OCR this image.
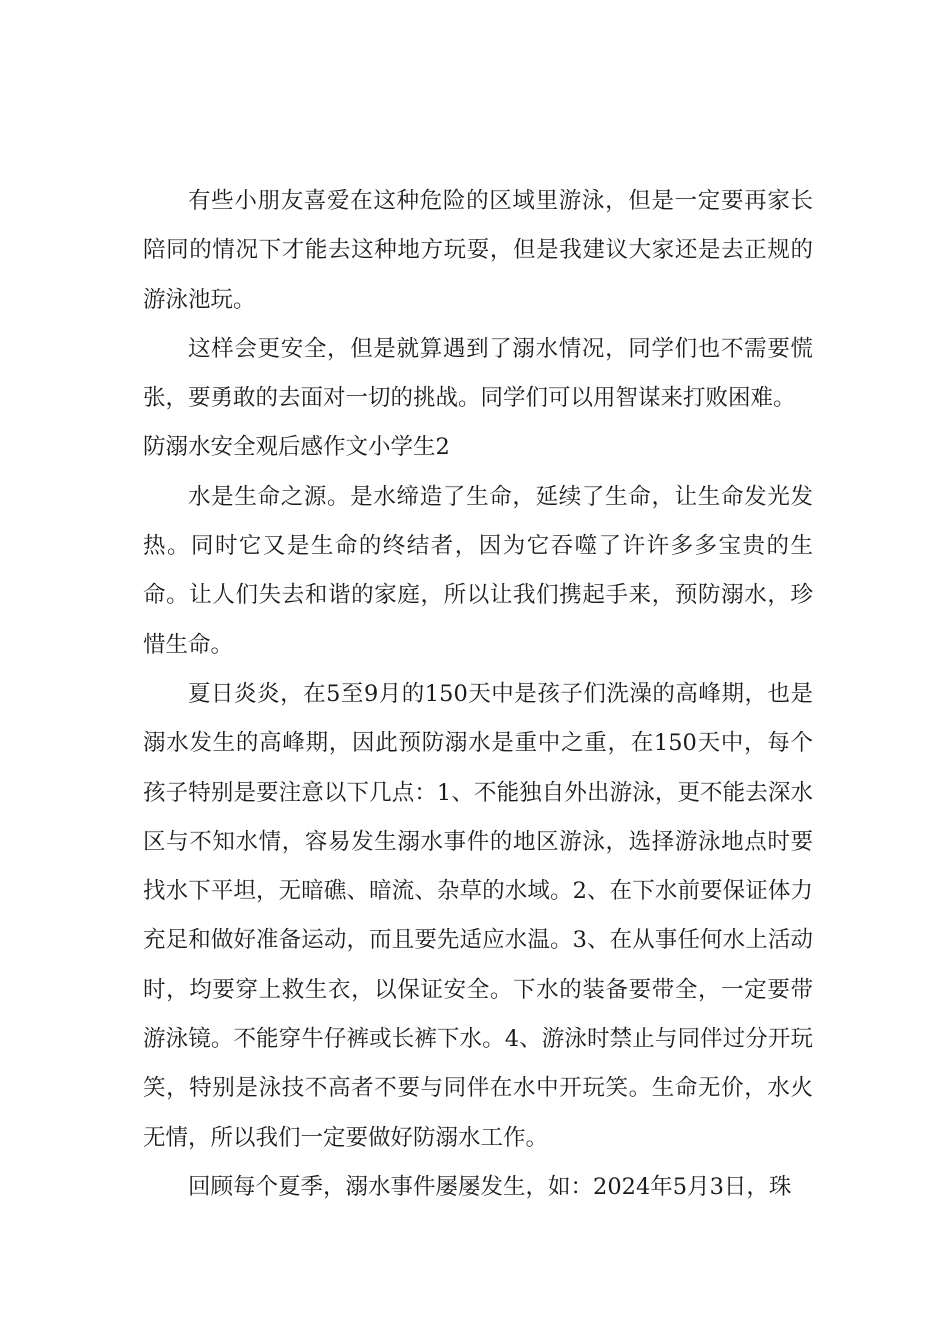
有些小朋友喜爱在这种危险的区域里游泳，但是一定要再家长陪同的情况下才能去这种地方玩耍，但是我建议大家还是去正规的游泳池玩。

这样会更安全，但是就算遇到了溺水情况，同学们也不需要慌张，要勇敢的去面对一切的挑战。同学们可以用智谋来打败困难。

防溺水安全观后感作文小学生2

水是生命之源。是水缔造了生命，延续了生命，让生命发光发热。同时它又是生命的终结者，因为它吞噬了许许多多宝贵的生命。让人们失去和谐的家庭，所以让我们携起手来，预防溺水，珍惜生命。

夏日炎炎，在5至9月的150天中是孩子们洗澡的高峰期，也是溺水发生的高峰期，因此预防溺水是重中之重，在150天中，每个孩子特别是要注意以下几点：1、不能独自外出游泳，更不能去深水区与不知水情，容易发生溺水事件的地区游泳，选择游泳地点时要找水下平坦，无暗礁、暗流、杂草的水域。2、在下水前要保证体力充足和做好准备运动，而且要先适应水温。3、在从事任何水上活动时，均要穿上救生衣，以保证安全。下水的装备要带全，一定要带游泳镜。不能穿牛仔裤或长裤下水。4、游泳时禁止与同伴过分开玩笑，特别是泳技不高者不要与同伴在水中开玩笑。生命无价，水火无情，所以我们一定要做好防溺水工作。

回顾每个夏季，溺水事件屡屡发生，如：2024年5月3日，珠
